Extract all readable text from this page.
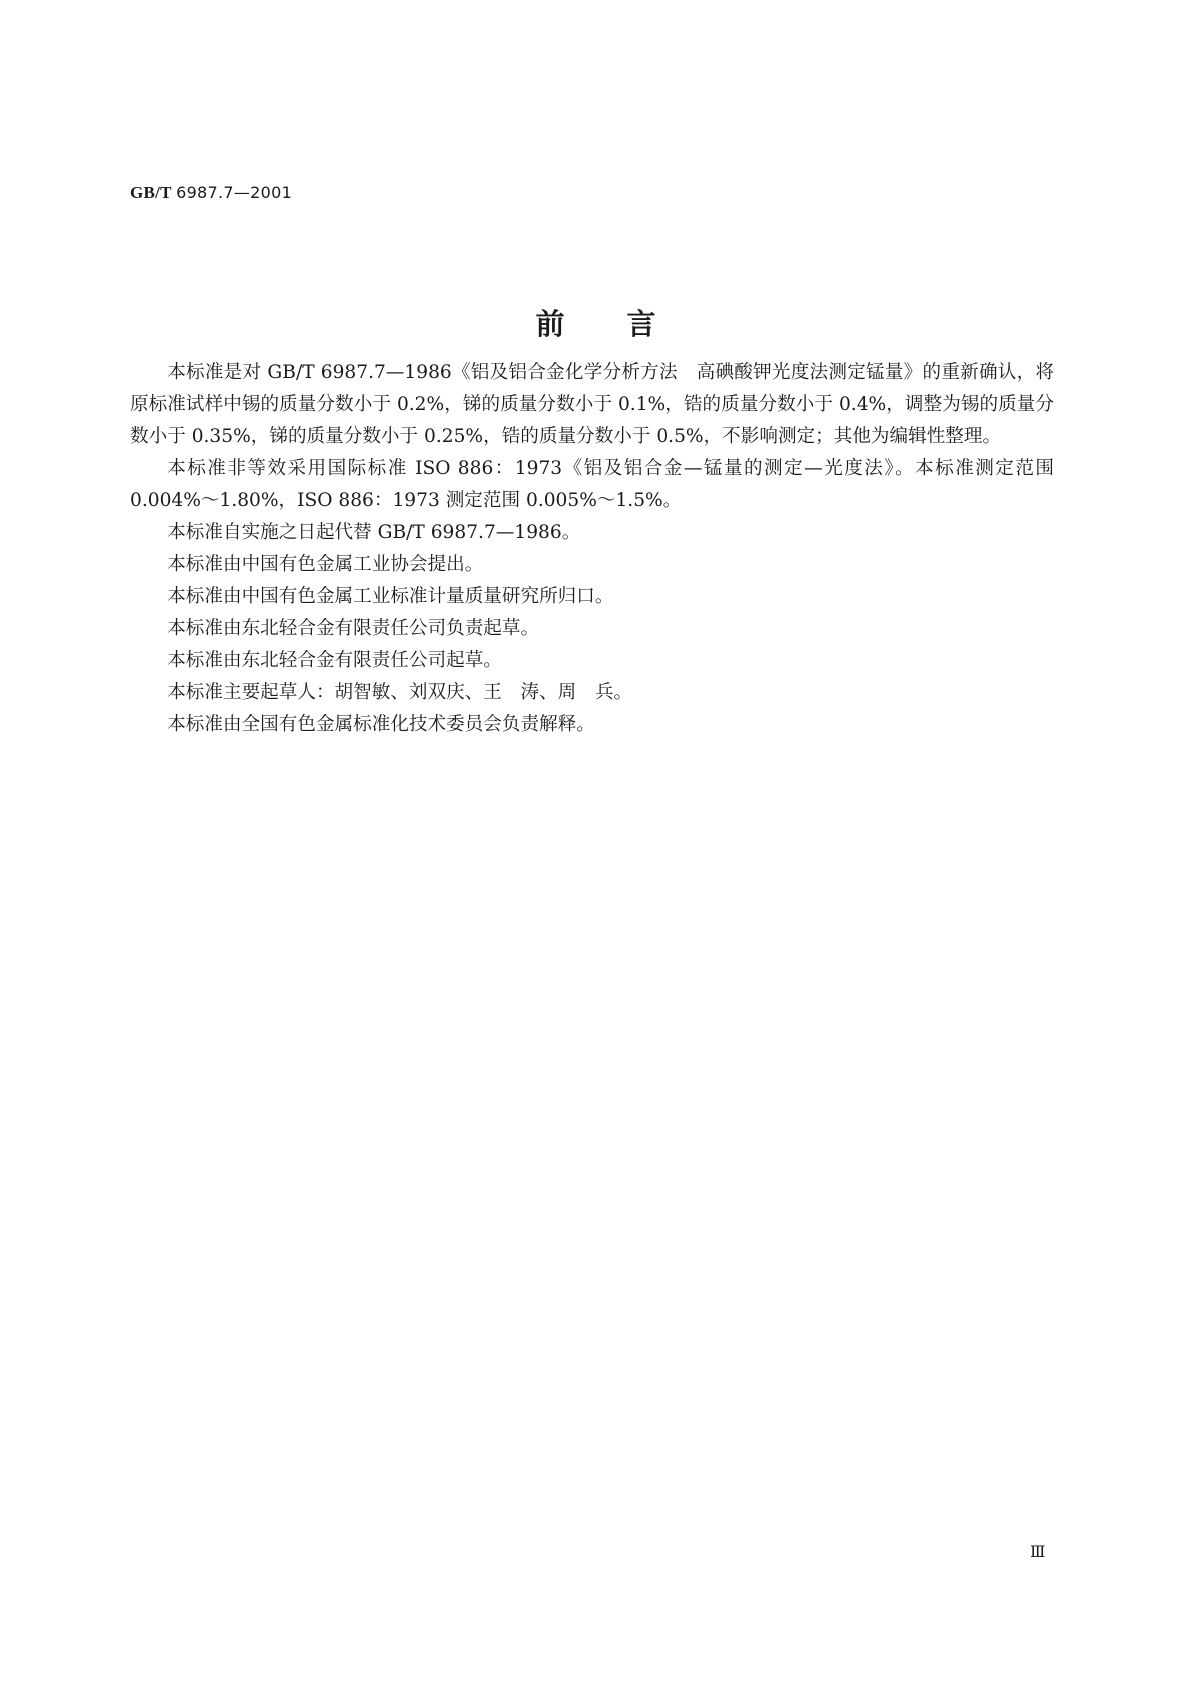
GB/T 6987.7—2001
前言

本标准是对 GB/T 6987.7—1986《铝及铝合金化学分析方法　高碘酸钾光度法测定锰量》的重新确认，将原标准试样中锡的质量分数小于 0.2%，锑的质量分数小于 0.1%，锆的质量分数小于 0.4%，调整为锡的质量分数小于 0.35%，锑的质量分数小于 0.25%，锆的质量分数小于 0.5%，不影响测定；其他为编辑性整理。

本标准非等效采用国际标准 ISO 886：1973《铝及铝合金—锰量的测定—光度法》。本标准测定范围0.004%～1.80%，ISO 886：1973 测定范围 0.005%～1.5%。

本标准自实施之日起代替 GB/T 6987.7—1986。

本标准由中国有色金属工业协会提出。

本标准由中国有色金属工业标准计量质量研究所归口。

本标准由东北轻合金有限责任公司负责起草。

本标准由东北轻合金有限责任公司起草。

本标准主要起草人：胡智敏、刘双庆、王　涛、周　兵。

本标准由全国有色金属标准化技术委员会负责解释。

Ⅲ
